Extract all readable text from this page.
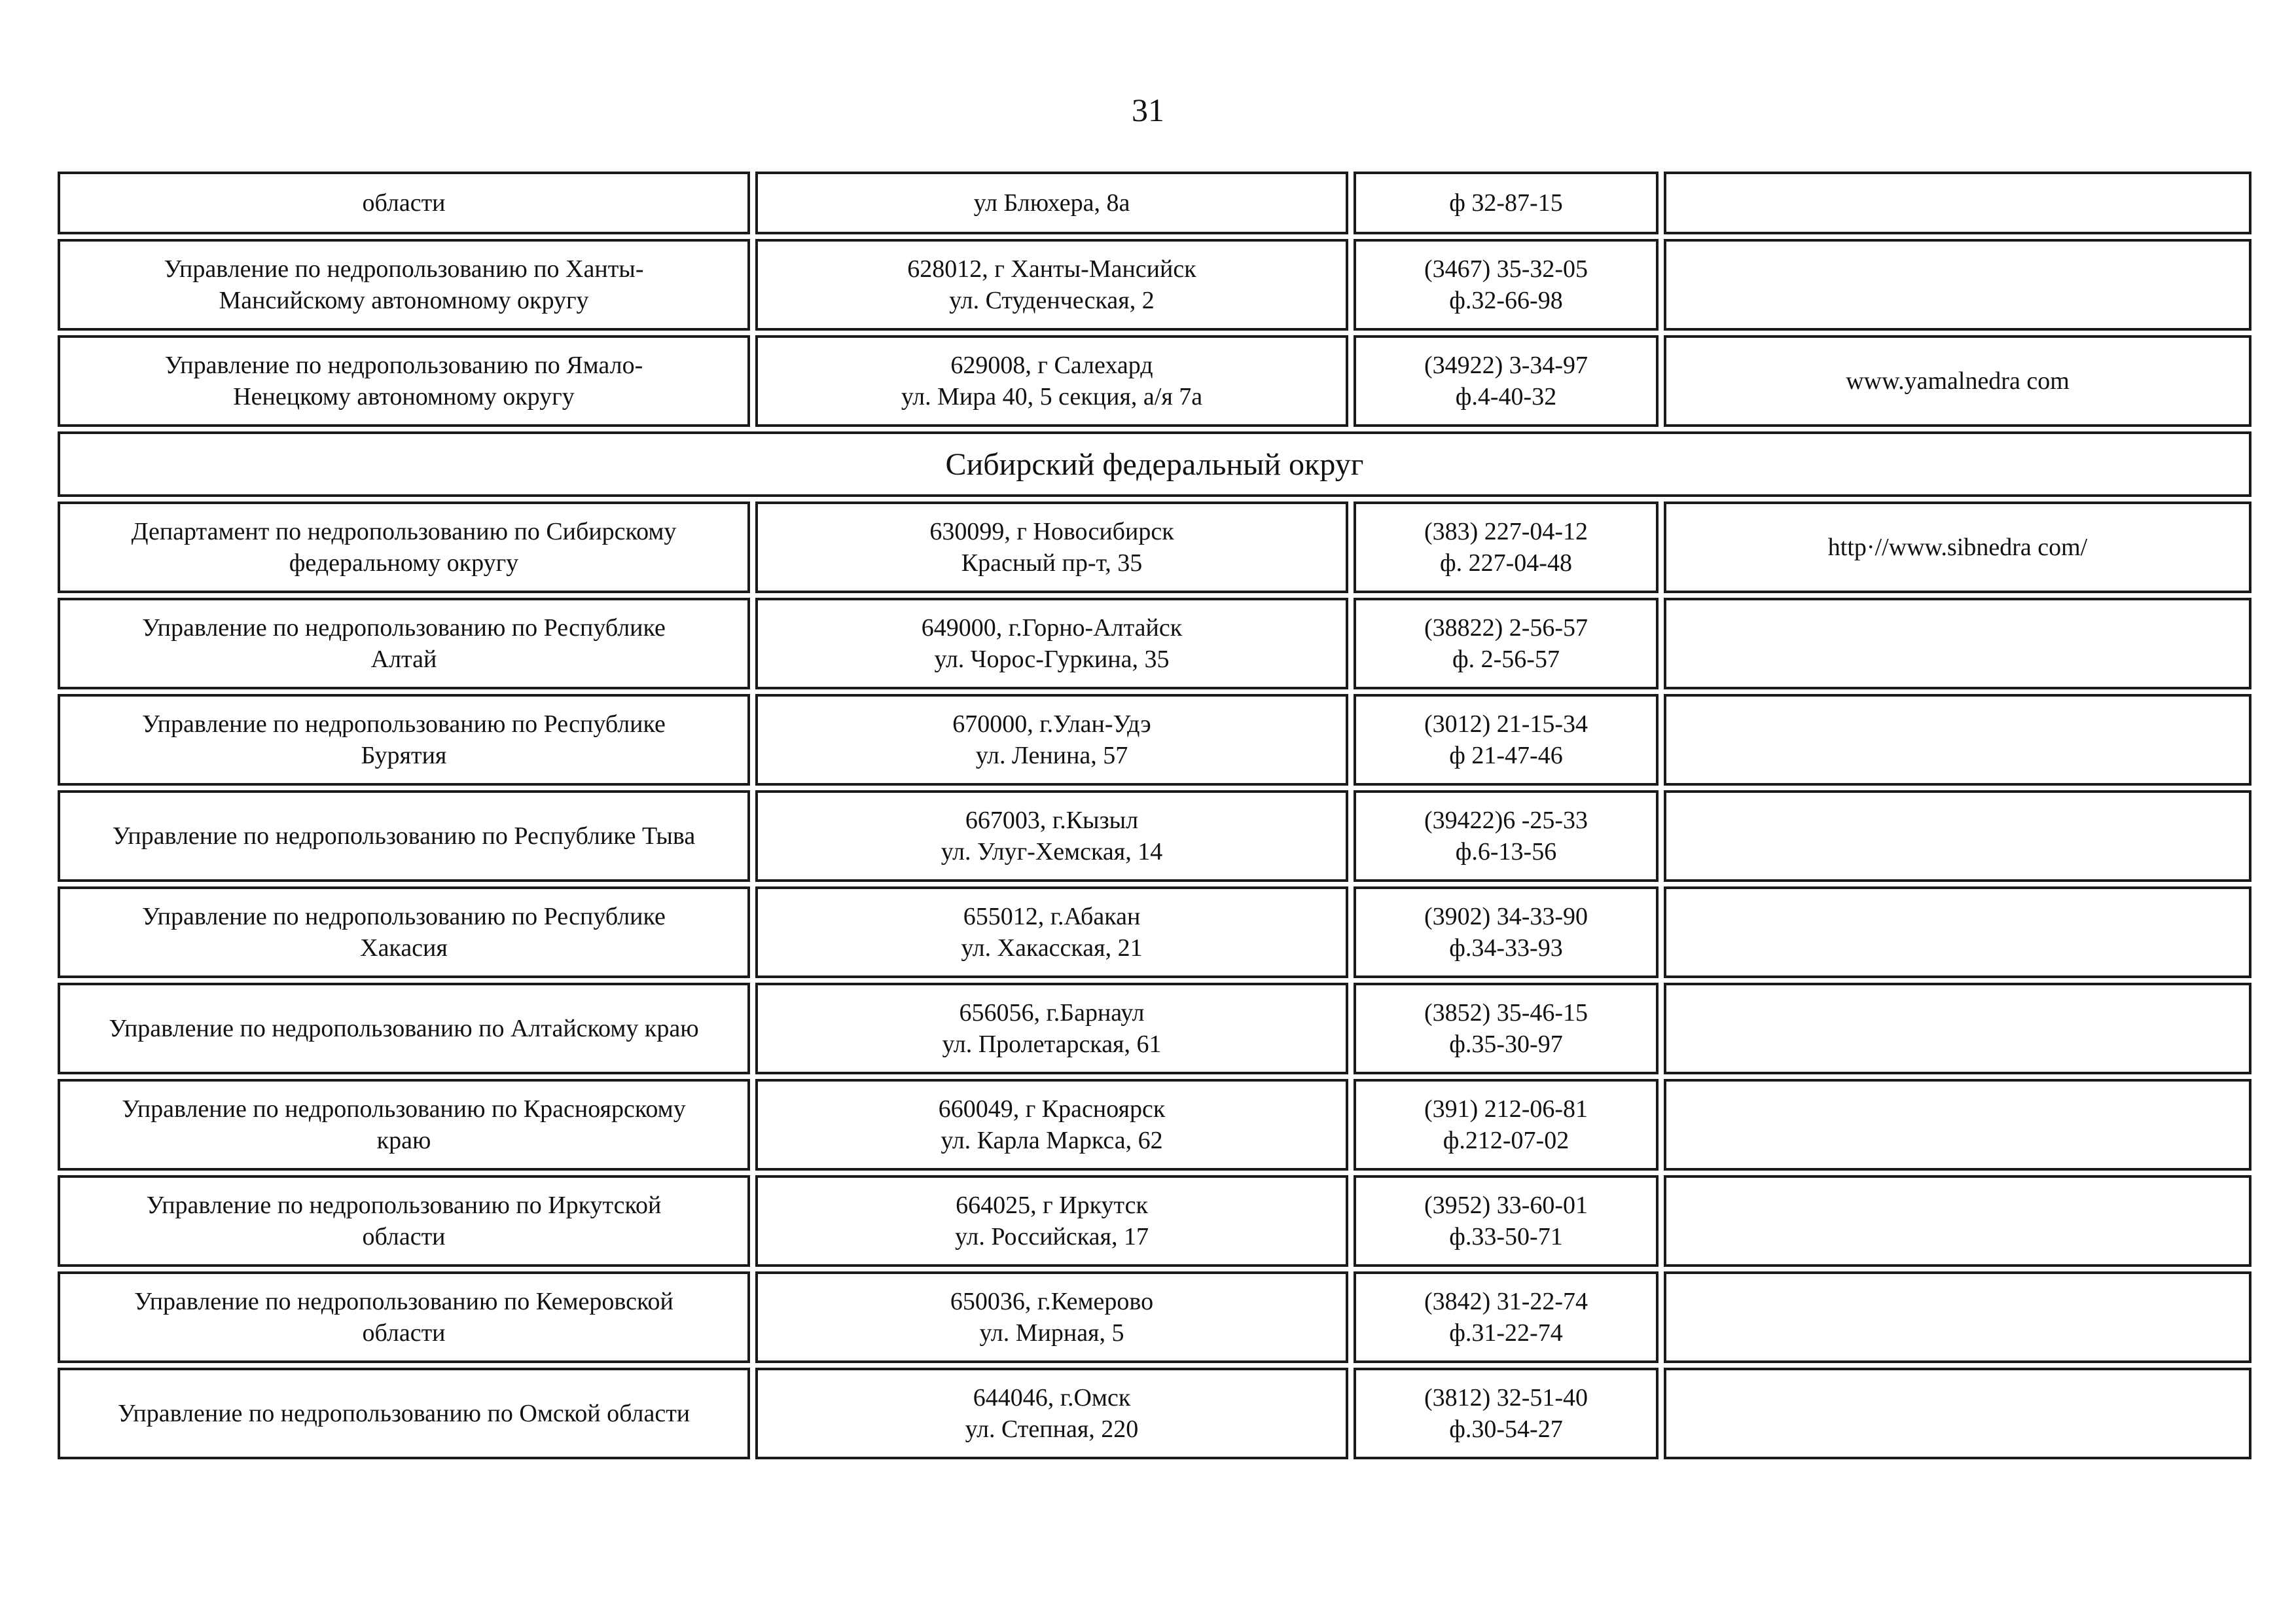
31
области	ул Блюхера, 8а	ф 32-87-15
Управление по недропользованию по Ханты-
Мансийскому автономному округу
628012, г Ханты-Мансийск
ул. Студенческая, 2
(3467) 35-32-05
ф.32-66-98
Управление по недропользованию по Ямало-
Ненецкому автономному округу
629008, г Салехард
ул. Мира 40, 5 секция, а/я 7а
(34922) 3-34-97
ф.4-40-32
www.yamalnedra com
Сибирский федеральный округ
Департамент по недропользованию по Сибирскому
федеральному округу
630099, г Новосибирск
Красный пр-т, 35
(383) 227-04-12
ф. 227-04-48
http·//www.sibnedra com/
Управление по недропользованию по Республике
Алтай
649000, г.Горно-Алтайск
ул. Чорос-Гуркина, 35
(38822) 2-56-57
ф. 2-56-57
Управление по недропользованию по Республике
Бурятия
670000, г.Улан-Удэ
ул. Ленина, 57
(3012) 21-15-34
ф 21-47-46
Управление по недропользованию по Республике Тыва
667003, г.Кызыл
ул. Улуг-Хемская, 14
(39422)6 -25-33
ф.6-13-56
Управление по недропользованию по Республике
Хакасия
655012, г.Абакан
ул. Хакасская, 21
(3902) 34-33-90
ф.34-33-93
Управление по недропользованию по Алтайскому краю
656056, г.Барнаул
ул. Пролетарская, 61
(3852) 35-46-15
ф.35-30-97
Управление по недропользованию по Красноярскому
краю
660049, г Красноярск
ул. Карла Маркса, 62
(391) 212-06-81
ф.212-07-02
Управление по недропользованию по Иркутской
области
664025, г Иркутск
ул. Российская, 17
(3952) 33-60-01
ф.33-50-71
Управление по недропользованию по Кемеровской
области
650036, г.Кемерово
ул. Мирная, 5
(3842) 31-22-74
ф.31-22-74
Управление по недропользованию по Омской области
644046, г.Омск
ул. Степная, 220
(3812) 32-51-40
ф.30-54-27
